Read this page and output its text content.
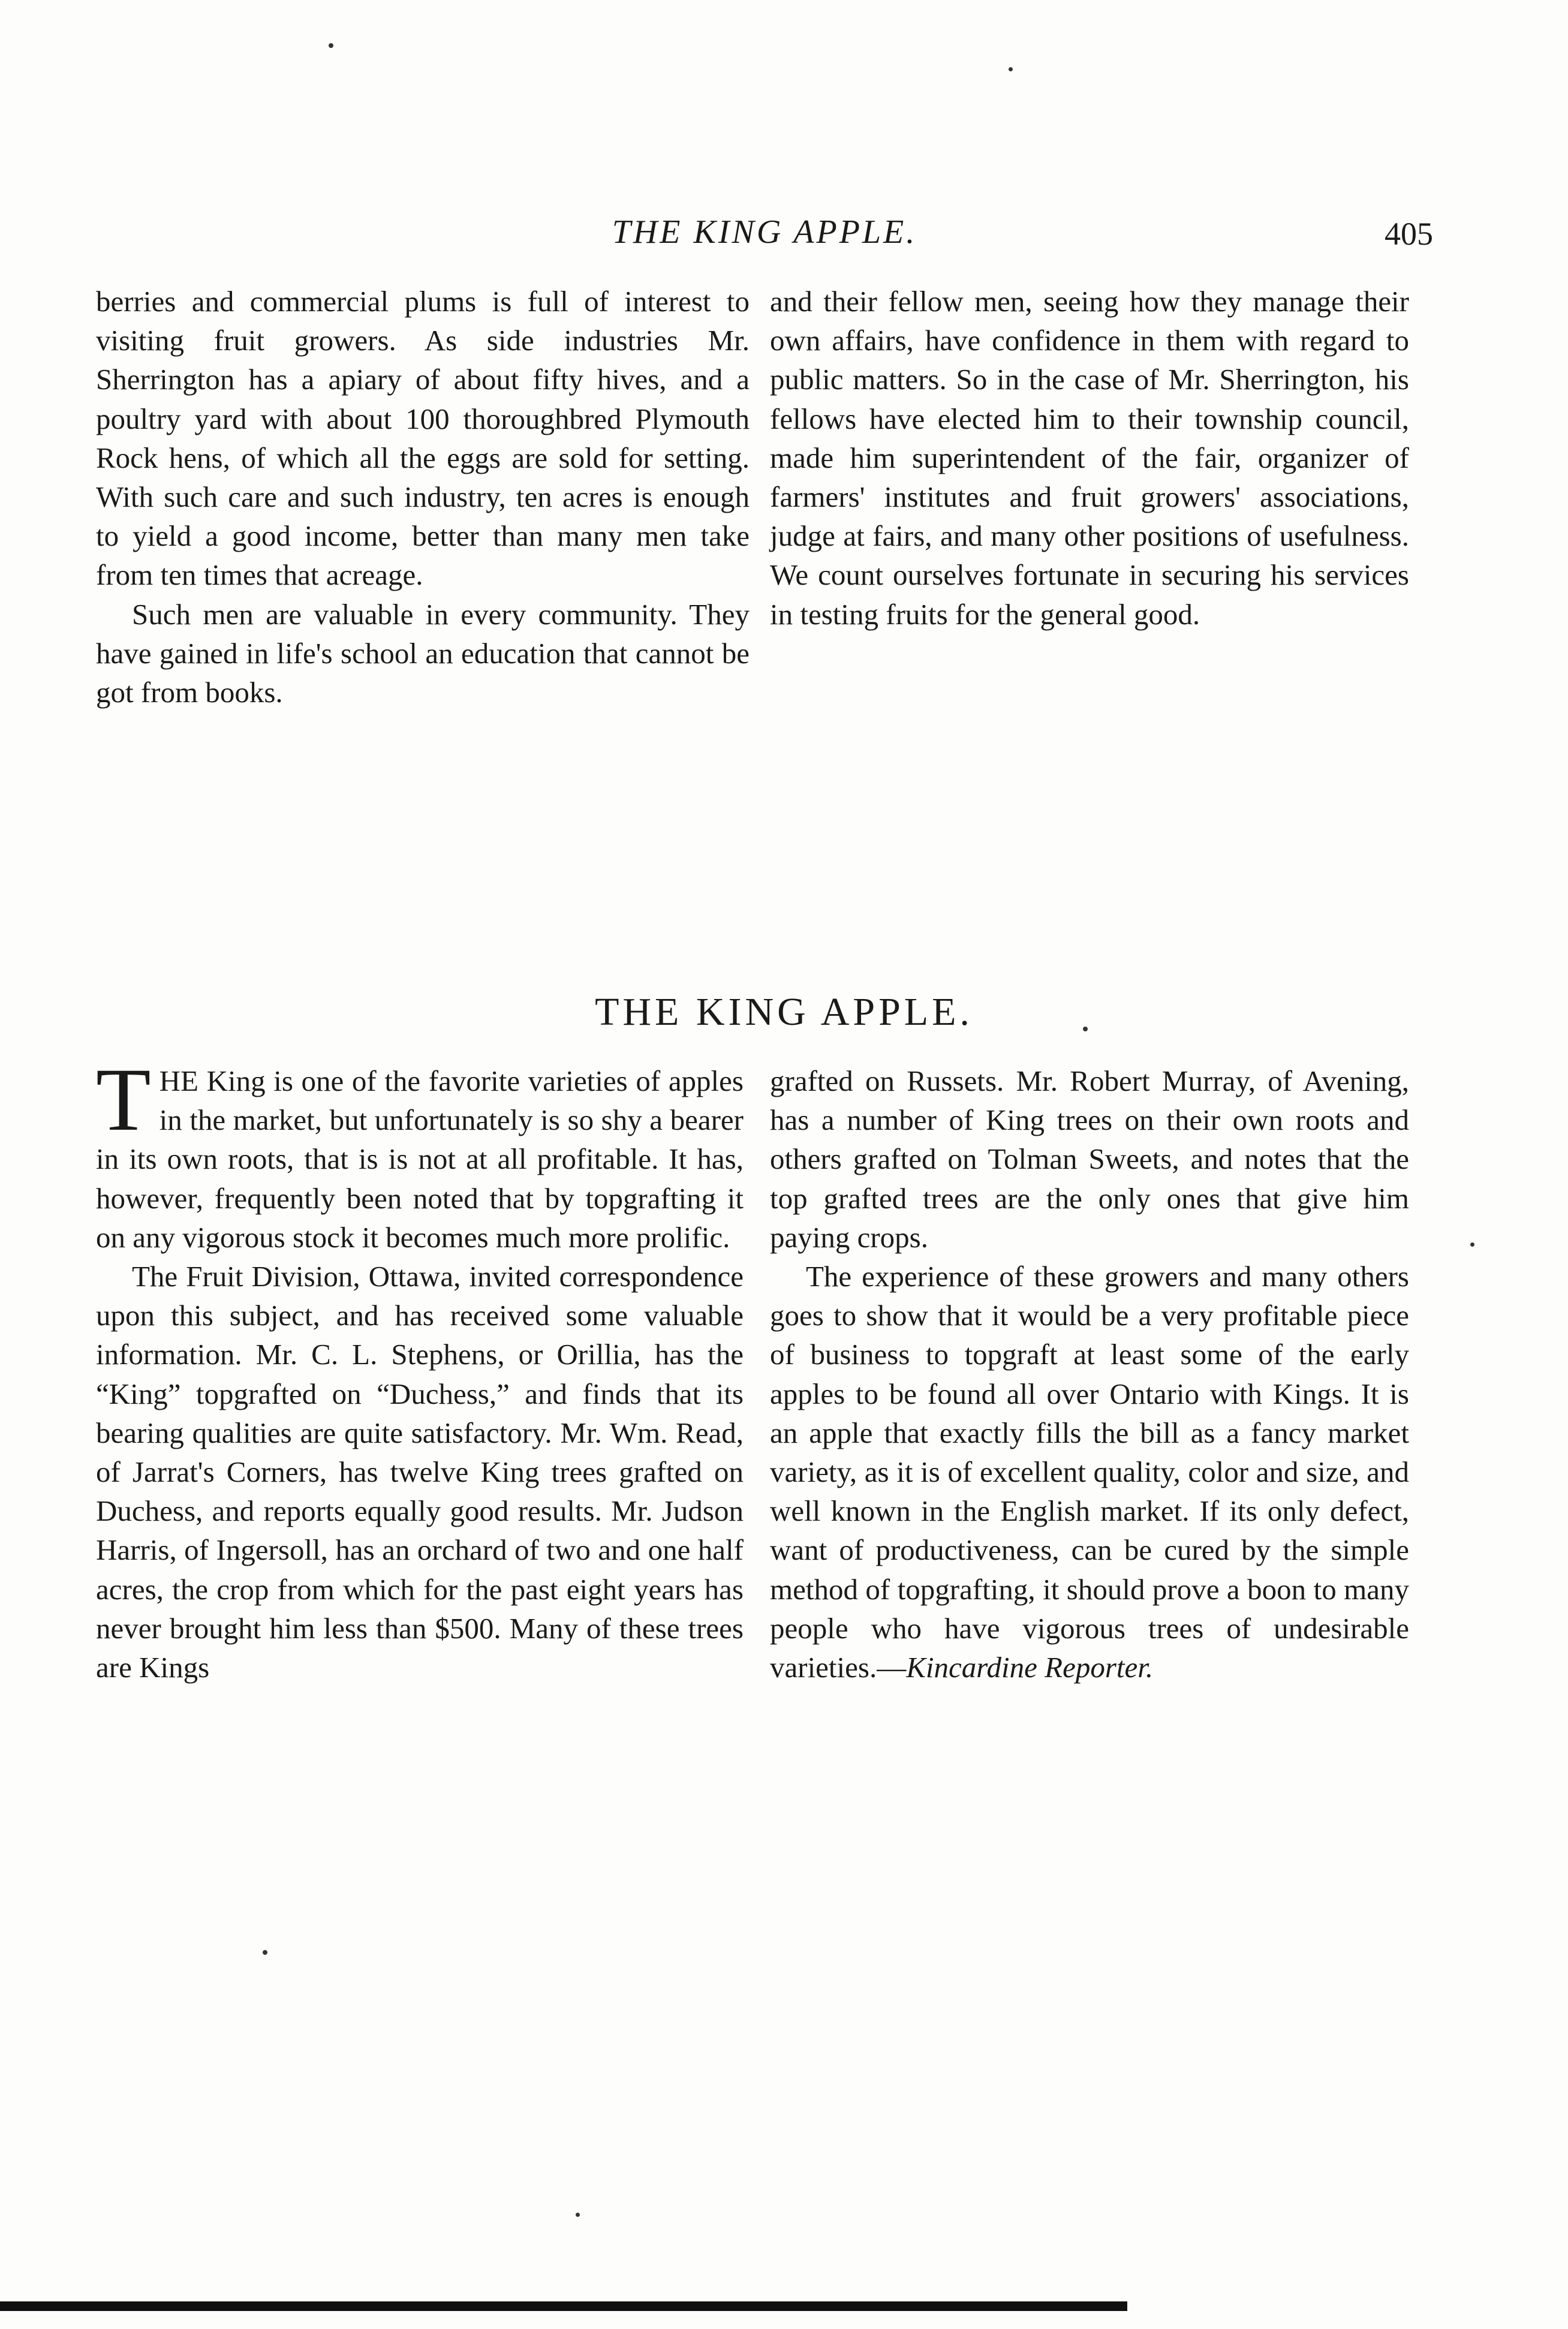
THE KING APPLE.	405

berries and commercial plums is full of interest to visiting fruit growers. As side industries Mr. Sherrington has a apiary of about fifty hives, and a poultry yard with about 100 thoroughbred Plymouth Rock hens, of which all the eggs are sold for setting. With such care and such industry, ten acres is enough to yield a good income, better than many men take from ten times that acreage.

Such men are valuable in every community. They have gained in life's school an education that cannot be got from books.

and their fellow men, seeing how they manage their own affairs, have confidence in them with regard to public matters. So in the case of Mr. Sherrington, his fellows have elected him to their township council, made him superintendent of the fair, organizer of farmers' institutes and fruit growers' associations, judge at fairs, and many other positions of usefulness. We count ourselves fortunate in securing his services in testing fruits for the general good.

THE KING APPLE.

THE King is one of the favorite varieties of apples in the market, but unfortunately is so shy a bearer in its own roots, that is is not at all profitable. It has, however, frequently been noted that by topgrafting it on any vigorous stock it becomes much more prolific.

The Fruit Division, Ottawa, invited correspondence upon this subject, and has received some valuable information. Mr. C. L. Stephens, or Orillia, has the “King” topgrafted on “Duchess,” and finds that its bearing qualities are quite satisfactory. Mr. Wm. Read, of Jarrat's Corners, has twelve King trees grafted on Duchess, and reports equally good results. Mr. Judson Harris, of Ingersoll, has an orchard of two and one half acres, the crop from which for the past eight years has never brought him less than $500. Many of these trees are Kings

grafted on Russets. Mr. Robert Murray, of Avening, has a number of King trees on their own roots and others grafted on Tolman Sweets, and notes that the top grafted trees are the only ones that give him paying crops.

The experience of these growers and many others goes to show that it would be a very profitable piece of business to topgraft at least some of the early apples to be found all over Ontario with Kings. It is an apple that exactly fills the bill as a fancy market variety, as it is of excellent quality, color and size, and well known in the English market. If its only defect, want of productiveness, can be cured by the simple method of topgrafting, it should prove a boon to many people who have vigorous trees of undesirable varieties.—Kincardine Reporter.
